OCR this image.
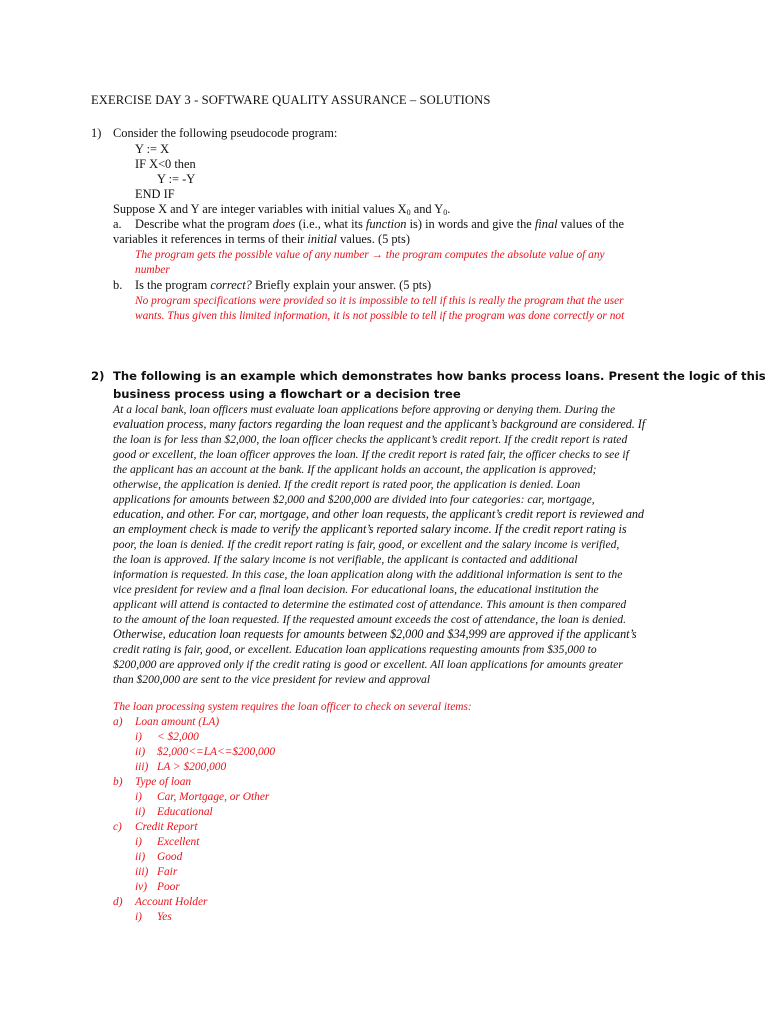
EXERCISE DAY 3 - SOFTWARE QUALITY ASSURANCE – SOLUTIONS
1) Consider the following pseudocode program:
Y := X
IF X<0 then
Y := -Y
END IF
Suppose X and Y are integer variables with initial values $X_0$ and $Y_0$.
a. Describe what the program does (i.e., what its function is) in words and give the final values of the
variables it references in terms of their initial values. (5 pts)
The program gets the possible value of any number → the program computes the absolute value of any
number
b. Is the program correct? Briefly explain your answer. (5 pts)
No program specifications were provided so it is impossible to tell if this is really the program that the user
wants. Thus given this limited information, it is not possible to tell if the program was done correctly or not
2) The following is an example which demonstrates how banks process loans. Present the logic of this
business process using a flowchart or a decision tree
At a local bank, loan officers must evaluate loan applications before approving or denying them. During the
evaluation process, many factors regarding the loan request and the applicant’s background are considered. If
the loan is for less than $2,000, the loan officer checks the applicant’s credit report. If the credit report is rated
good or excellent, the loan officer approves the loan. If the credit report is rated fair, the officer checks to see if
the applicant has an account at the bank. If the applicant holds an account, the application is approved;
otherwise, the application is denied. If the credit report is rated poor, the application is denied. Loan
applications for amounts between $2,000 and $200,000 are divided into four categories: car, mortgage,
education, and other. For car, mortgage, and other loan requests, the applicant’s credit report is reviewed and
an employment check is made to verify the applicant’s reported salary income. If the credit report rating is
poor, the loan is denied. If the credit report rating is fair, good, or excellent and the salary income is verified,
the loan is approved. If the salary income is not verifiable, the applicant is contacted and additional
information is requested. In this case, the loan application along with the additional information is sent to the
vice president for review and a final loan decision. For educational loans, the educational institution the
applicant will attend is contacted to determine the estimated cost of attendance. This amount is then compared
to the amount of the loan requested. If the requested amount exceeds the cost of attendance, the loan is denied.
Otherwise, education loan requests for amounts between $2,000 and $34,999 are approved if the applicant’s
credit rating is fair, good, or excellent. Education loan applications requesting amounts from $35,000 to
$200,000 are approved only if the credit rating is good or excellent. All loan applications for amounts greater
than $200,000 are sent to the vice president for review and approval
The loan processing system requires the loan officer to check on several items:
a) Loan amount (LA)
i) < $2,000
ii) $2,000<=LA<=$200,000
iii) LA > $200,000
b) Type of loan
i) Car, Mortgage, or Other
ii) Educational
c) Credit Report
i) Excellent
ii) Good
iii) Fair
iv) Poor
d) Account Holder
i) Yes
